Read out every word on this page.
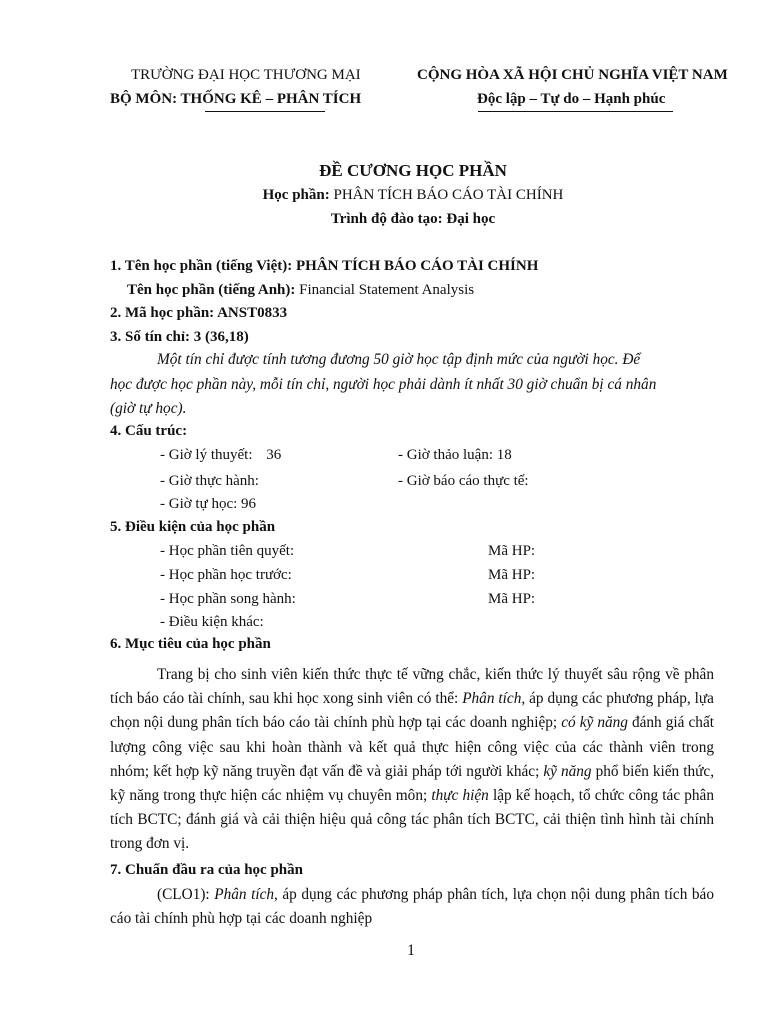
TRƯỜNG ĐẠI HỌC THƯƠNG MẠI
BỘ MÔN: THỐNG KÊ – PHÂN TÍCH
CỘNG HÒA XÃ HỘI CHỦ NGHĨA VIỆT NAM
Độc lập – Tự do – Hạnh phúc
ĐỀ CƯƠNG HỌC PHẦN
Học phần: PHÂN TÍCH BÁO CÁO TÀI CHÍNH
Trình độ đào tạo: Đại học
1. Tên học phần (tiếng Việt): PHÂN TÍCH BÁO CÁO TÀI CHÍNH
Tên học phần (tiếng Anh): Financial Statement Analysis
2. Mã học phần: ANST0833
3. Số tín chỉ: 3 (36,18)
Một tín chỉ được tính tương đương 50 giờ học tập định mức của người học. Để
học được học phần này, mỗi tín chỉ, người học phải dành ít nhất 30 giờ chuẩn bị cá nhân
(giờ tự học).
4. Cấu trúc:
- Giờ lý thuyết: 36	- Giờ thảo luận: 18
- Giờ thực hành:	- Giờ báo cáo thực tế:
- Giờ tự học: 96
5. Điều kiện của học phần
- Học phần tiên quyết:	Mã HP:
- Học phần học trước:	Mã HP:
- Học phần song hành:	Mã HP:
- Điều kiện khác:
6. Mục tiêu của học phần
Trang bị cho sinh viên kiến thức thực tế vững chắc, kiến thức lý thuyết sâu rộng về phân tích báo cáo tài chính, sau khi học xong sinh viên có thể: Phân tích, áp dụng các phương pháp, lựa chọn nội dung phân tích báo cáo tài chính phù hợp tại các doanh nghiệp; có kỹ năng đánh giá chất lượng công việc sau khi hoàn thành và kết quả thực hiện công việc của các thành viên trong nhóm; kết hợp kỹ năng truyền đạt vấn đề và giải pháp tới người khác; kỹ năng phổ biến kiến thức, kỹ năng trong thực hiện các nhiệm vụ chuyên môn; thực hiện lập kế hoạch, tổ chức công tác phân tích BCTC; đánh giá và cải thiện hiệu quả công tác phân tích BCTC, cải thiện tình hình tài chính trong đơn vị.
7. Chuẩn đầu ra của học phần
(CLO1): Phân tích, áp dụng các phương pháp phân tích, lựa chọn nội dung phân tích báo cáo tài chính phù hợp tại các doanh nghiệp
1
